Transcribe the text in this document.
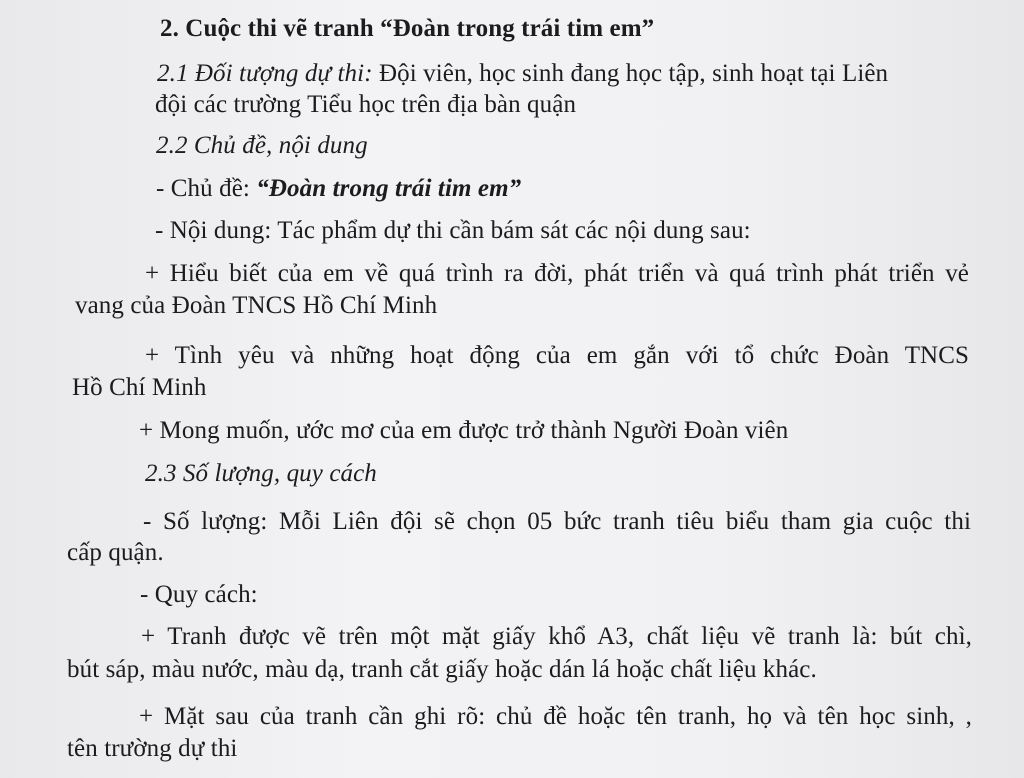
2. Cuộc thi vẽ tranh “Đoàn trong trái tim em”
2.1 Đối tượng dự thi: Đội viên, học sinh đang học tập, sinh hoạt tại Liên
đội các trường Tiểu học trên địa bàn quận
2.2 Chủ đề, nội dung
- Chủ đề: “Đoàn trong trái tim em”
- Nội dung: Tác phẩm dự thi cần bám sát các nội dung sau:
+ Hiểu biết của em về quá trình ra đời, phát triển và quá trình phát triển vẻ
vang của Đoàn TNCS Hồ Chí Minh
+ Tình yêu và những hoạt động của em gắn với tổ chức Đoàn TNCS
Hồ Chí Minh
+ Mong muốn, ước mơ của em được trở thành Người Đoàn viên
2.3 Số lượng, quy cách
- Số lượng: Mỗi Liên đội sẽ chọn 05 bức tranh tiêu biểu tham gia cuộc thi
cấp quận.
- Quy cách:
+ Tranh được vẽ trên một mặt giấy khổ A3, chất liệu vẽ tranh là: bút chì,
bút sáp, màu nước, màu dạ, tranh cắt giấy hoặc dán lá hoặc chất liệu khác.
+ Mặt sau của tranh cần ghi rõ: chủ đề hoặc tên tranh, họ và tên học sinh, ,
tên trường dự thi
